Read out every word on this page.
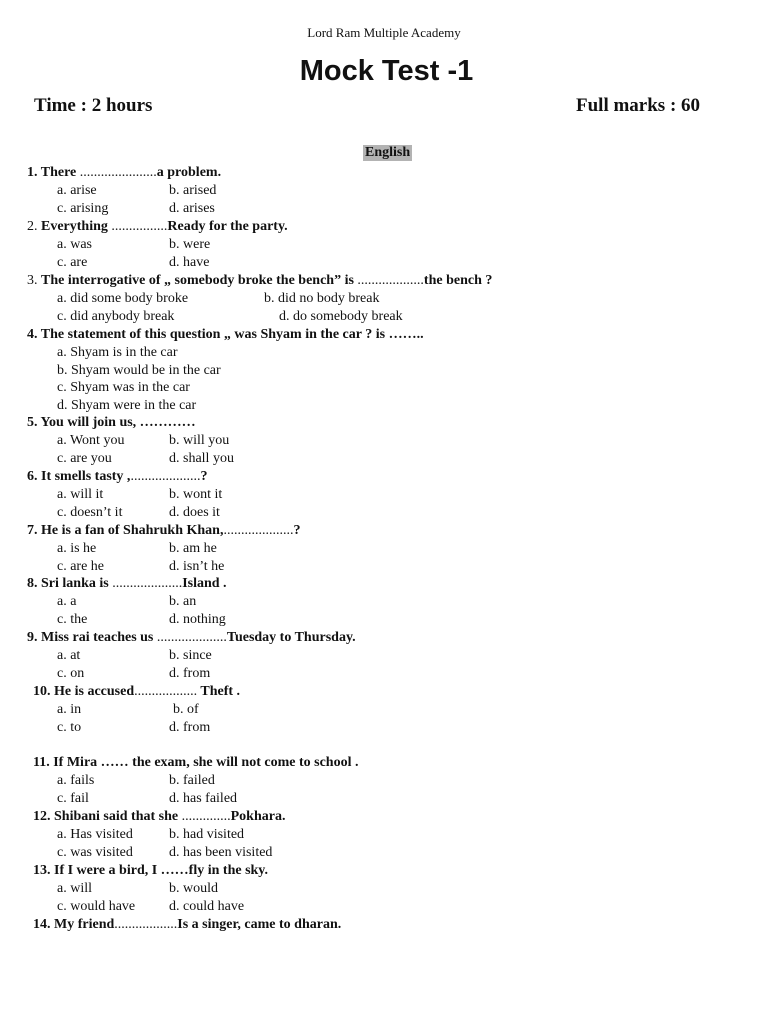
Lord Ram Multiple Academy
Mock Test -1
Time : 2 hours	Full marks : 60
English
1. There ......................a problem.
a. arise	b. arised
c. arising	d. arises
2. Everything ................Ready for the party.
a. was	b. were
c. are	d. have
3. The interrogative of „ somebody broke the bench” is ...................the bench ?
a. did some body broke	b. did no body break
c. did anybody break	d. do somebody break
4. The statement of this question „ was Shyam in the car ? is ……..
a. Shyam is in the car
b. Shyam would be in the car
c. Shyam was in the car
d. Shyam were in the car
5. You will join us, …………
a. Wont you	b. will you
c. are you	d. shall you
6. It smells tasty ,....................?
a. will it	b. wont it
c. doesn’t it	d. does it
7. He is a fan of Shahrukh Khan,....................?
a. is he	b. am he
c. are he	d. isn’t he
8. Sri lanka is ....................Island .
a. a	b. an
c. the	d. nothing
9. Miss rai teaches us ....................Tuesday to Thursday.
a. at	b. since
c. on	d. from
10. He is accused.................. Theft .
a. in	b. of
c. to	d. from
11. If Mira …… the exam, she will not come to school .
a. fails	b. failed
c. fail	d. has failed
12. Shibani said that she ..............Pokhara.
a. Has visited	b. had visited
c. was visited	d. has been visited
13. If I were a bird, I ……fly in the sky.
a. will	b. would
c. would have d. could have
14. My friend..................Is a singer, came to dharan.
